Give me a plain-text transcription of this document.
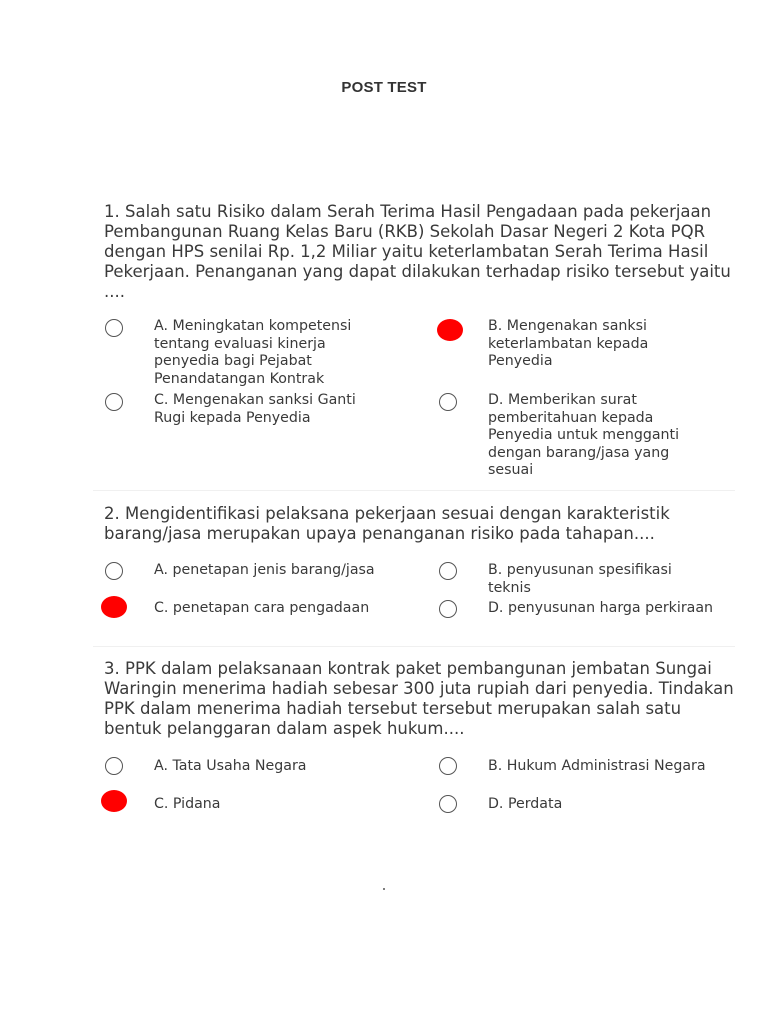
POST TEST

1. Salah satu Risiko dalam Serah Terima Hasil Pengadaan pada pekerjaan Pembangunan Ruang Kelas Baru (RKB) Sekolah Dasar Negeri 2 Kota PQR dengan HPS senilai Rp. 1,2 Miliar yaitu keterlambatan Serah Terima Hasil Pekerjaan. Penanganan yang dapat dilakukan terhadap risiko tersebut yaitu ....

A. Meningkatan kompetensi
tentang evaluasi kinerja
penyedia bagi Pejabat
Penandatangan Kontrak
B. Mengenakan sanksi
keterlambatan kepada
Penyedia
C. Mengenakan sanksi Ganti
Rugi kepada Penyedia
D. Memberikan surat
pemberitahuan kepada
Penyedia untuk mengganti
dengan barang/jasa yang
sesuai

2. Mengidentifikasi pelaksana pekerjaan sesuai dengan karakteristik barang/jasa merupakan upaya penanganan risiko pada tahapan....

A. penetapan jenis barang/jasa	B. penyusunan spesifikasi
teknis
C. penetapan cara pengadaan	D. penyusunan harga perkiraan

3. PPK dalam pelaksanaan kontrak paket pembangunan jembatan Sungai Waringin menerima hadiah sebesar 300 juta rupiah dari penyedia. Tindakan PPK dalam menerima hadiah tersebut tersebut merupakan salah satu bentuk pelanggaran dalam aspek hukum....

A. Tata Usaha Negara	B. Hukum Administrasi Negara
C. Pidana	D. Perdata
